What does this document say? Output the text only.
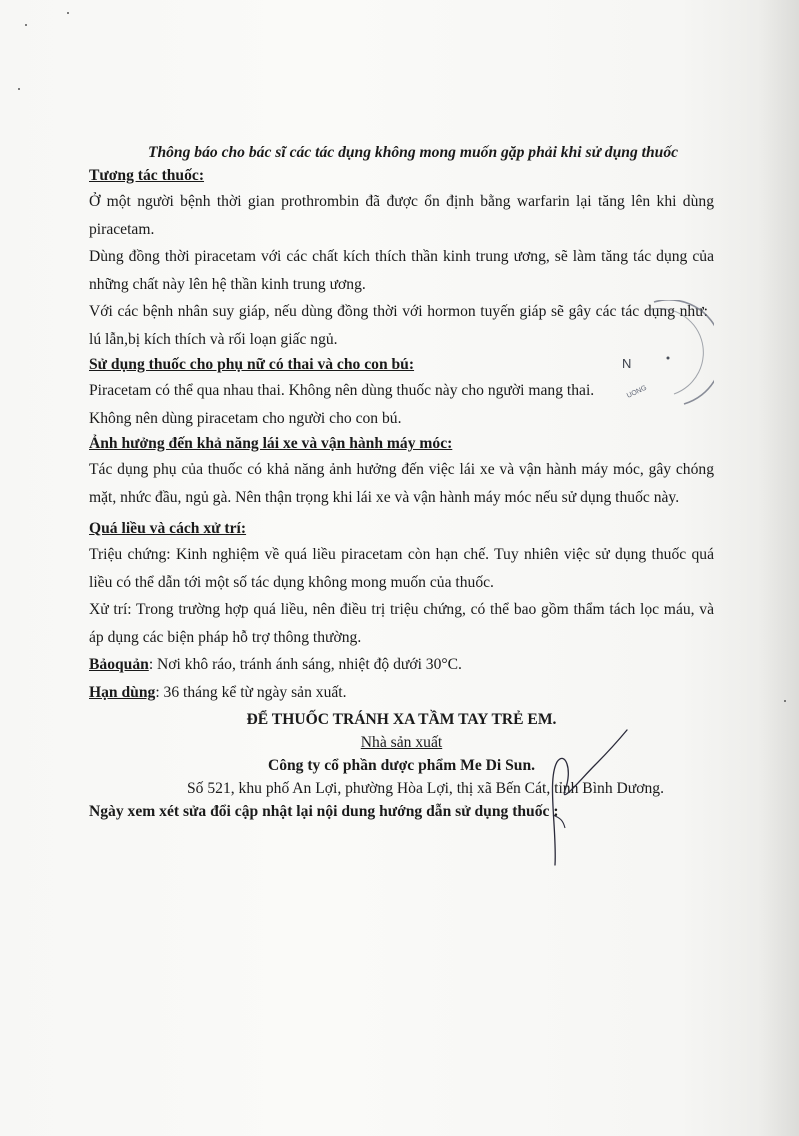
Thông báo cho bác sĩ các tác dụng không mong muốn gặp phải khi sử dụng thuốc

Tương tác thuốc:

Ở một người bệnh thời gian prothrombin đã được ổn định bằng warfarin lại tăng lên khi dùng piracetam.

Dùng đồng thời piracetam với các chất kích thích thần kinh trung ương, sẽ làm tăng tác dụng của những chất này lên hệ thần kinh trung ương.

Với các bệnh nhân suy giáp, nếu dùng đồng thời với hormon tuyến giáp sẽ gây các tác dụng như: lú lẫn,bị kích thích và rối loạn giấc ngủ.

Sử dụng thuốc cho phụ nữ có thai và cho con bú:

Piracetam có thể qua nhau thai. Không nên dùng thuốc này cho người mang thai.

Không nên dùng piracetam cho người cho con bú.

Ảnh hưởng đến khả năng lái xe và vận hành máy móc:

Tác dụng phụ của thuốc có khả năng ảnh hưởng đến việc lái xe và vận hành máy móc, gây chóng mặt, nhức đầu, ngủ gà. Nên thận trọng khi lái xe và vận hành máy móc nếu sử dụng thuốc này.

Quá liều và cách xử trí:

Triệu chứng: Kinh nghiệm về quá liều piracetam còn hạn chế. Tuy nhiên việc sử dụng thuốc quá liều có thể dẫn tới một số tác dụng không mong muốn của thuốc.

Xử trí: Trong trường hợp quá liều, nên điều trị triệu chứng, có thể bao gồm thẩm tách lọc máu, và áp dụng các biện pháp hỗ trợ thông thường.

Bảoquản: Nơi khô ráo, tránh ánh sáng, nhiệt độ dưới 30°C.

Hạn dùng: 36 tháng kể từ ngày sản xuất.

ĐỂ THUỐC TRÁNH XA TẦM TAY TRẺ EM.

Nhà sản xuất

Công ty cổ phần dược phẩm Me Di Sun.

Số 521, khu phố An Lợi, phường Hòa Lợi, thị xã Bến Cát, tỉnh Bình Dương.

Ngày xem xét sửa đổi cập nhật lại nội dung hướng dẫn sử dụng thuốc :

N
UONG
